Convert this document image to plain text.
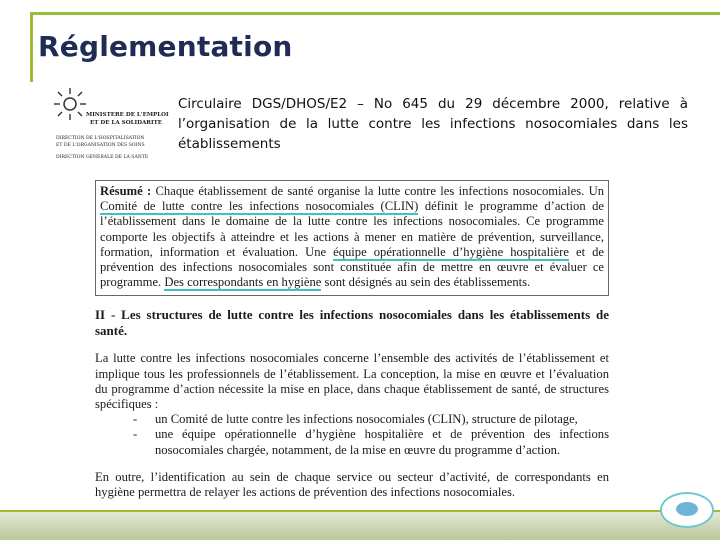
Réglementation
MINISTERE DE L'EMPLOI
ET DE LA SOLIDARITE
DIRECTION DE L'HOSPITALISATION
ET DE L'ORGANISATION DES SOINS
DIRECTION GENERALE DE LA SANTE
Circulaire DGS/DHOS/E2 – No 645 du 29 décembre 2000, relative à l’organisation de la lutte contre les infections nosocomiales dans les établissements
Résumé : Chaque établissement de santé organise la lutte contre les infections nosocomiales. Un Comité de lutte contre les infections nosocomiales (CLIN) définit le programme d’action de l’établissement dans le domaine de la lutte contre les infections nosocomiales. Ce programme comporte les objectifs à atteindre et les actions à mener en matière de prévention, surveillance, formation, information et évaluation. Une équipe opérationnelle d’hygiène hospitalière et de prévention des infections nosocomiales sont constituée afin de mettre en œuvre et évaluer ce programme. Des correspondants en hygiène sont désignés au sein des établissements.
II - Les structures de lutte contre les infections nosocomiales dans les établissements de santé.
La lutte contre les infections nosocomiales concerne l’ensemble des activités de l’établissement et implique tous les professionnels de l’établissement. La conception, la mise en œuvre et l’évaluation du programme d’action nécessite la mise en place, dans chaque établissement de santé, de structures spécifiques :
- un Comité de lutte contre les infections nosocomiales (CLIN), structure de pilotage,
- une équipe opérationnelle d’hygiène hospitalière et de prévention des infections nosocomiales chargée, notamment, de la mise en œuvre du programme d’action.
En outre, l’identification au sein de chaque service ou secteur d’activité, de correspondants en hygiène permettra de relayer les actions de prévention des infections nosocomiales.
